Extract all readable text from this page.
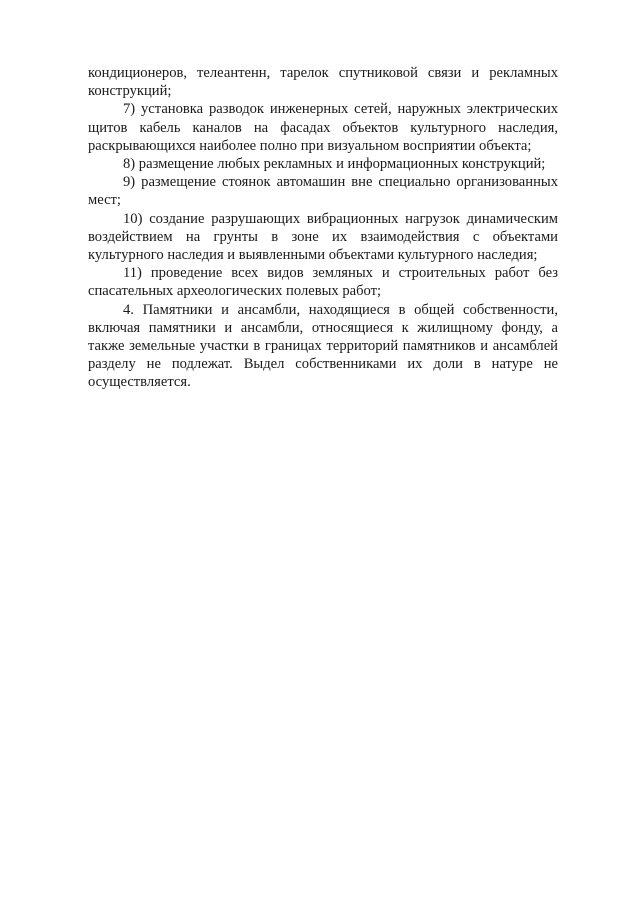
кондиционеров, телеантенн, тарелок спутниковой связи и рекламных конструкций;

7) установка разводок инженерных сетей, наружных электрических щитов кабель каналов на фасадах объектов культурного наследия, раскрывающихся наиболее полно при визуальном восприятии объекта;

8) размещение любых рекламных и информационных конструкций;

9) размещение стоянок автомашин вне специально организованных мест;

10) создание разрушающих вибрационных нагрузок динамическим воздействием на грунты в зоне их взаимодействия с объектами культурного наследия и выявленными объектами культурного наследия;

11) проведение всех видов земляных и строительных работ без спасательных археологических полевых работ;

4. Памятники и ансамбли, находящиеся в общей собственности, включая памятники и ансамбли, относящиеся к жилищному фонду, а также земельные участки в границах территорий памятников и ансамблей разделу не подлежат. Выдел собственниками их доли в натуре не осуществляется.
